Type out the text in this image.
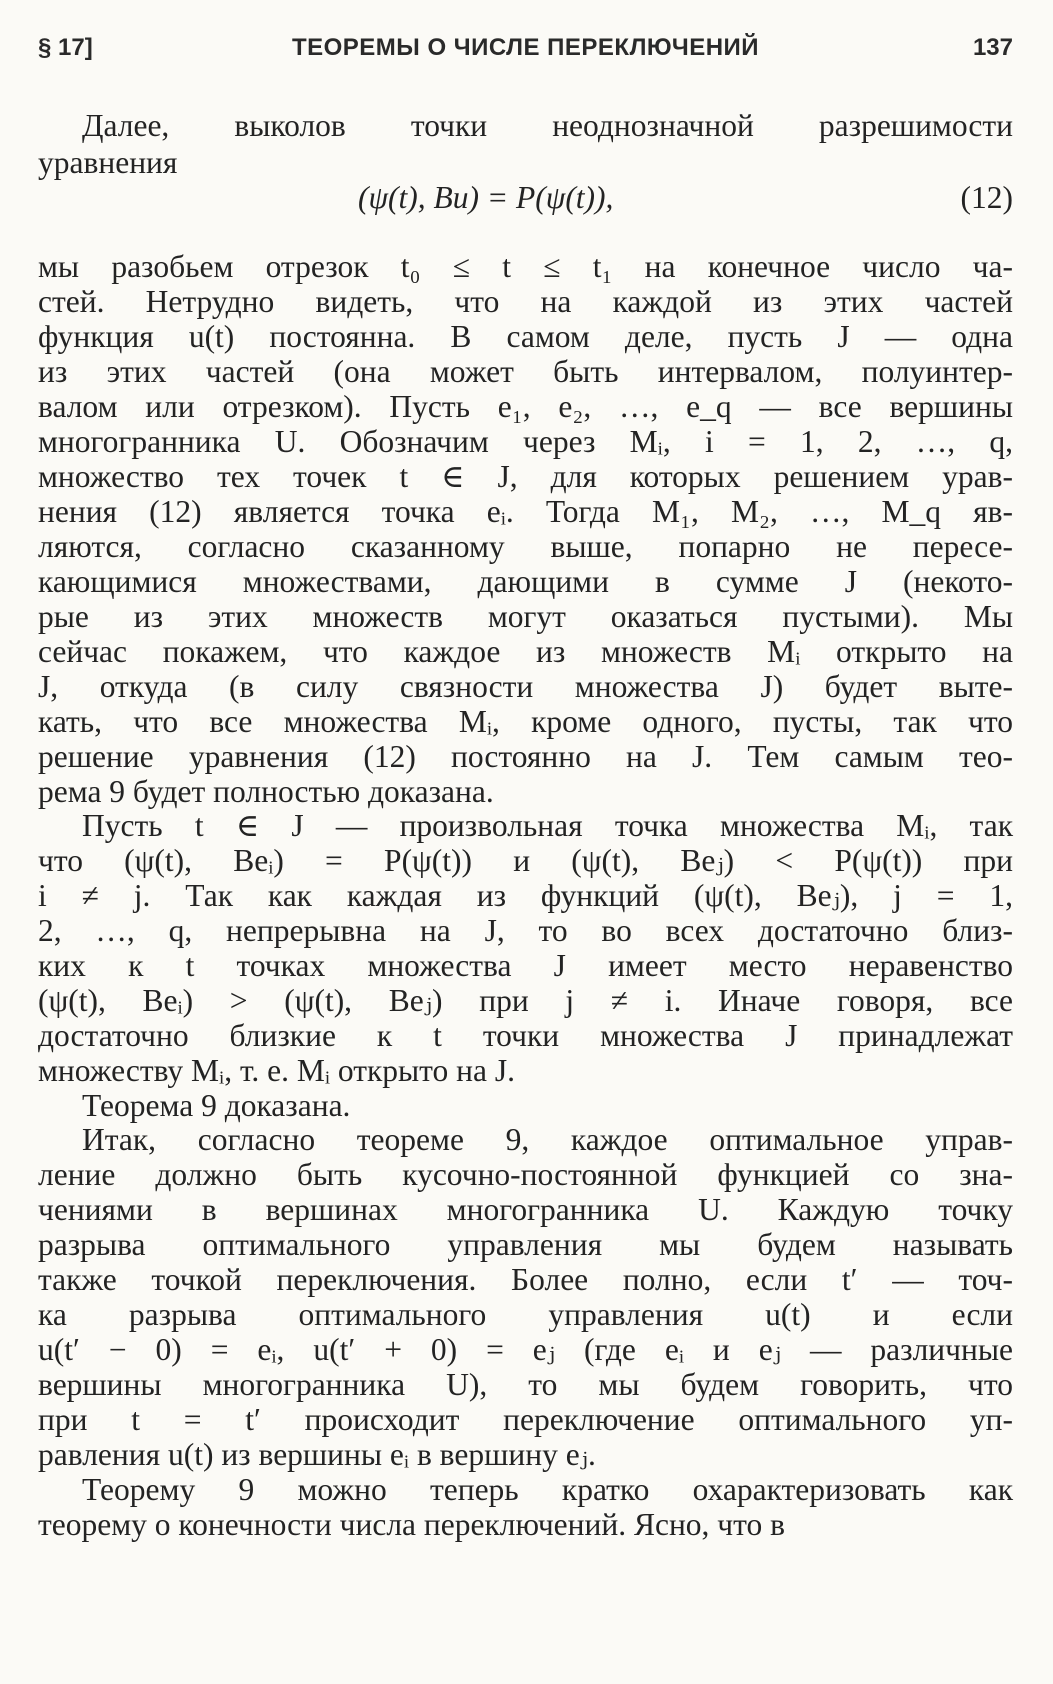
§ 17]	ТЕОРЕМЫ О ЧИСЛЕ ПЕРЕКЛЮЧЕНИЙ	137
Далее, выколов точки неоднозначной разрешимости
уравнения
мы разобьем отрезок t₀ ≤ t ≤ t₁ на конечное число ча-
стей. Нетрудно видеть, что на каждой из этих частей
функция u(t) постоянна. В самом деле, пусть J — одна
из этих частей (она может быть интервалом, полуинтер-
валом или отрезком). Пусть e₁, e₂, …, e_q — все вершины
многогранника U. Обозначим через Mᵢ, i = 1, 2, …, q,
множество тех точек t ∈ J, для которых решением урав-
нения (12) является точка eᵢ. Тогда M₁, M₂, …, M_q яв-
ляются, согласно сказанному выше, попарно не пересе-
кающимися множествами, дающими в сумме J (некото-
рые из этих множеств могут оказаться пустыми). Мы
сейчас покажем, что каждое из множеств Mᵢ открыто на
J, откуда (в силу связности множества J) будет выте-
кать, что все множества Mᵢ, кроме одного, пусты, так что
решение уравнения (12) постоянно на J. Тем самым тео-
рема 9 будет полностью доказана.
Пусть t ∈ J — произвольная точка множества Mᵢ, так
что (ψ(t), Beᵢ) = P(ψ(t)) и (ψ(t), Beⱼ) < P(ψ(t)) при
i ≠ j. Так как каждая из функций (ψ(t), Beⱼ), j = 1,
2, …, q, непрерывна на J, то во всех достаточно близ-
ких к t точках множества J имеет место неравенство
(ψ(t), Beᵢ) > (ψ(t), Beⱼ) при j ≠ i. Иначе говоря, все
достаточно близкие к t точки множества J принадлежат
множеству Mᵢ, т. е. Mᵢ открыто на J.
Теорема 9 доказана.
Итак, согласно теореме 9, каждое оптимальное управ-
ление должно быть кусочно-постоянной функцией со зна-
чениями в вершинах многогранника U. Каждую точку
разрыва оптимального управления мы будем называть
также точкой переключения. Более полно, если t′ — точ-
ка разрыва оптимального управления u(t) и если
u(t′ − 0) = eᵢ, u(t′ + 0) = eⱼ (где eᵢ и eⱼ — различные
вершины многогранника U), то мы будем говорить, что
при t = t′ происходит переключение оптимального уп-
равления u(t) из вершины eᵢ в вершину eⱼ.
Теорему 9 можно теперь кратко охарактеризовать как
теорему о конечности числа переключений. Ясно, что в
(ψ(t), Bu) = P(ψ(t)),	(12)
